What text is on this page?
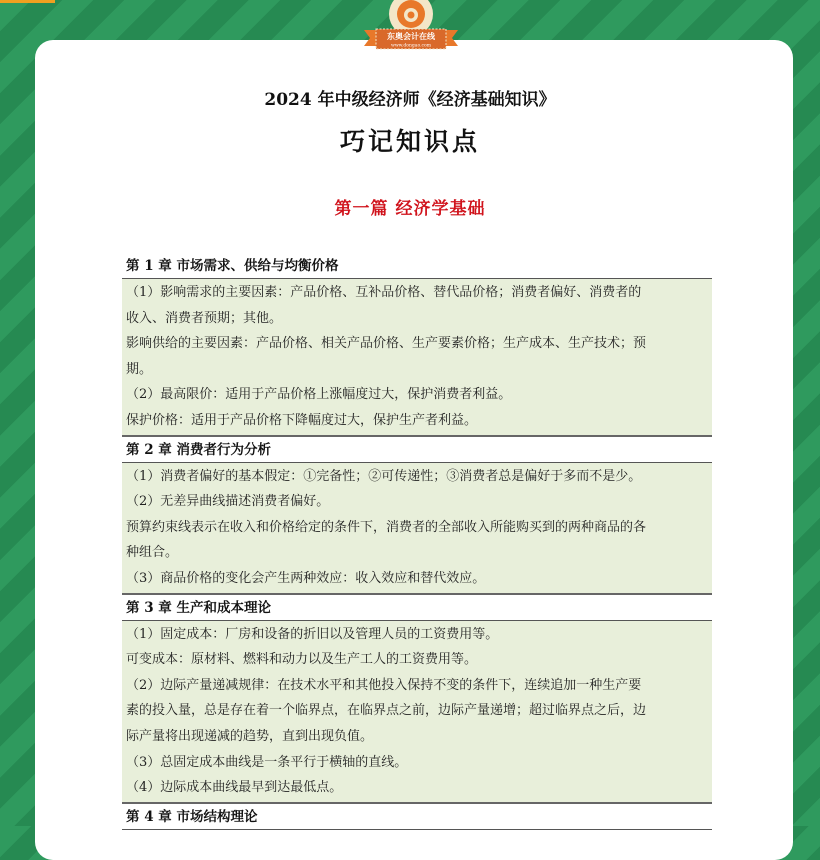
东奥会计在线
www.dongao.com
2024 年中级经济师《经济基础知识》
巧记知识点
第一篇 经济学基础
第 1 章 市场需求、供给与均衡价格
（1）影响需求的主要因素：产品价格、互补品价格、替代品价格；消费者偏好、消费者的
收入、消费者预期；其他。
影响供给的主要因素：产品价格、相关产品价格、生产要素价格；生产成本、生产技术；预
期。
（2）最高限价：适用于产品价格上涨幅度过大，保护消费者利益。
保护价格：适用于产品价格下降幅度过大，保护生产者利益。
第 2 章 消费者行为分析
（1）消费者偏好的基本假定：①完备性；②可传递性；③消费者总是偏好于多而不是少。
（2）无差异曲线描述消费者偏好。
预算约束线表示在收入和价格给定的条件下，消费者的全部收入所能购买到的两种商品的各
种组合。
（3）商品价格的变化会产生两种效应：收入效应和替代效应。
第 3 章 生产和成本理论
（1）固定成本：厂房和设备的折旧以及管理人员的工资费用等。
可变成本：原材料、燃料和动力以及生产工人的工资费用等。
（2）边际产量递减规律：在技术水平和其他投入保持不变的条件下，连续追加一种生产要
素的投入量，总是存在着一个临界点，在临界点之前，边际产量递增；超过临界点之后，边
际产量将出现递减的趋势，直到出现负值。
（3）总固定成本曲线是一条平行于横轴的直线。
（4）边际成本曲线最早到达最低点。
第 4 章 市场结构理论
